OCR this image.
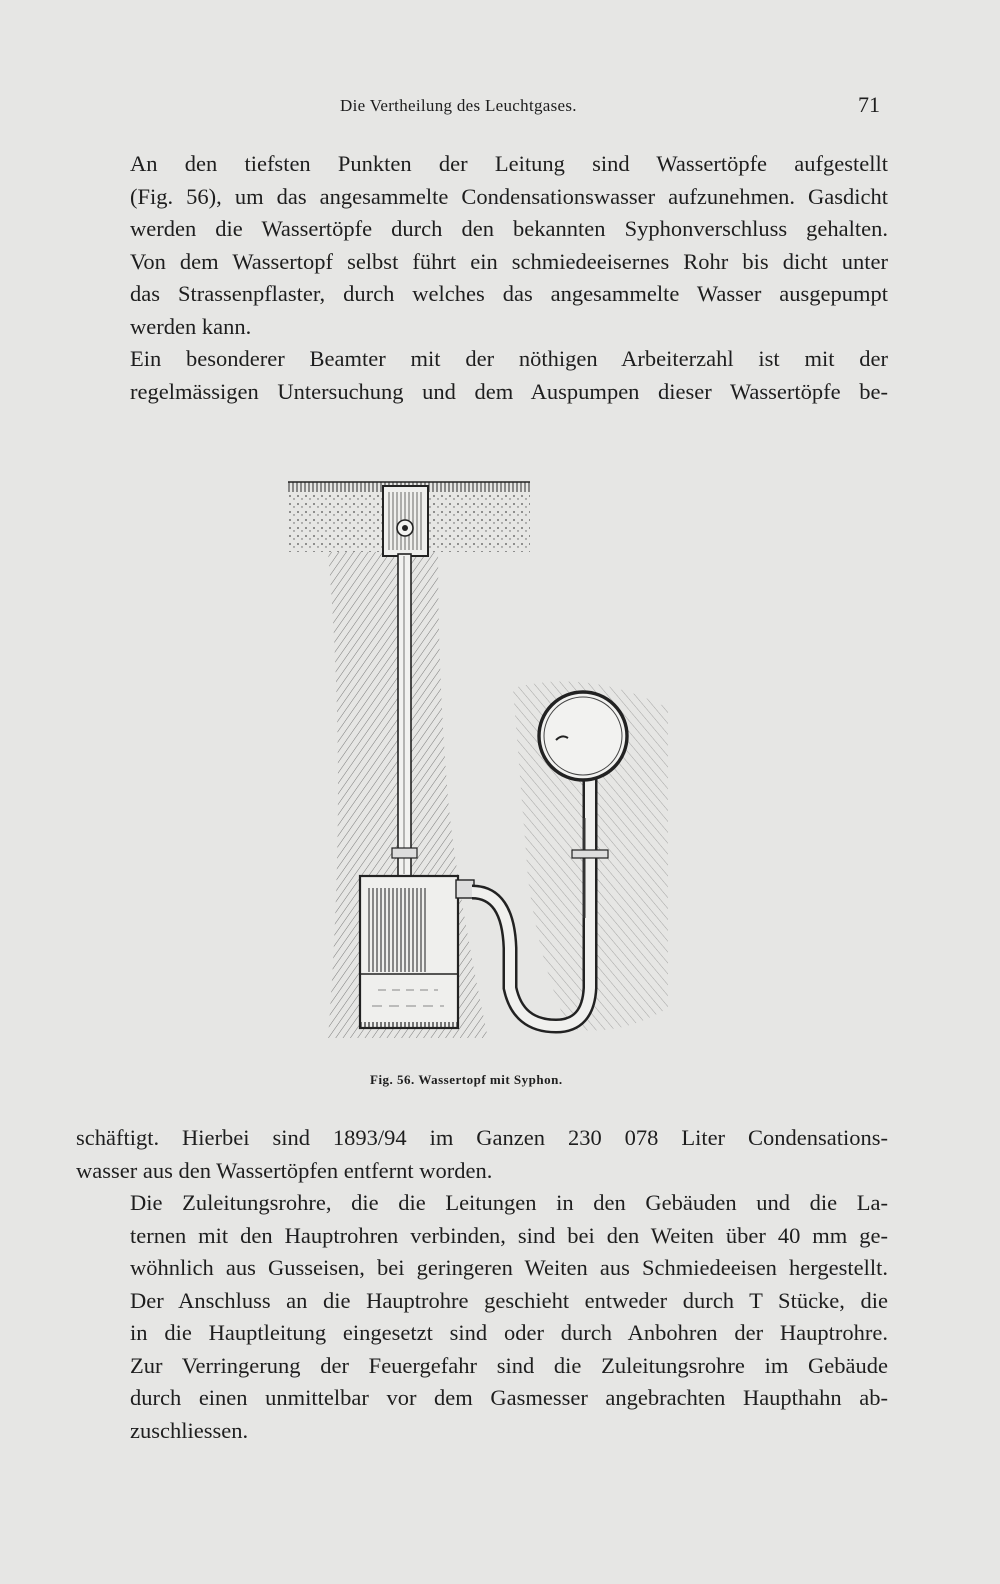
Die Vertheilung des Leuchtgases.	71

An den tiefsten Punkten der Leitung sind Wassertöpfe aufgestellt
(Fig. 56), um das angesammelte Condensationswasser aufzunehmen. Gasdicht
werden die Wassertöpfe durch den bekannten Syphonverschluss gehalten.
Von dem Wassertopf selbst führt ein schmiedeeisernes Rohr bis dicht unter
das Strassenpflaster, durch welches das angesammelte Wasser ausgepumpt
werden kann.

Ein besonderer Beamter mit der nöthigen Arbeiterzahl ist mit der
regelmässigen Untersuchung und dem Auspumpen dieser Wassertöpfe be-

Fig. 56. Wassertopf mit Syphon.

schäftigt. Hierbei sind 1893/94 im Ganzen 230 078 Liter Condensations-
wasser aus den Wassertöpfen entfernt worden.

Die Zuleitungsrohre, die die Leitungen in den Gebäuden und die La-
ternen mit den Hauptrohren verbinden, sind bei den Weiten über 40 mm ge-
wöhnlich aus Gusseisen, bei geringeren Weiten aus Schmiedeeisen hergestellt.
Der Anschluss an die Hauptrohre geschieht entweder durch T Stücke, die
in die Hauptleitung eingesetzt sind oder durch Anbohren der Hauptrohre.
Zur Verringerung der Feuergefahr sind die Zuleitungsrohre im Gebäude
durch einen unmittelbar vor dem Gasmesser angebrachten Haupthahn ab-
zuschliessen.
